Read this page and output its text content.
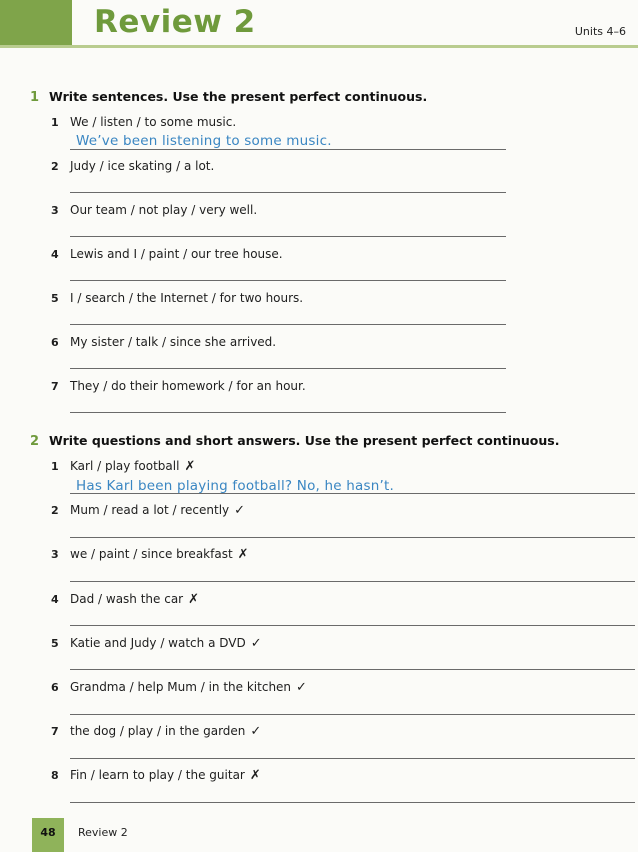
Review 2	Units 4–6
1 Write sentences. Use the present perfect continuous.
1 We / listen / to some music.
We’ve been listening to some music.
2 Judy / ice skating / a lot.
3 Our team / not play / very well.
4 Lewis and I / paint / our tree house.
5 I / search / the Internet / for two hours.
6 My sister / talk / since she arrived.
7 They / do their homework / for an hour.
2 Write questions and short answers. Use the present perfect continuous.
1 Karl / play football ✗
Has Karl been playing football? No, he hasn’t.
2 Mum / read a lot / recently ✓
3 we / paint / since breakfast ✗
4 Dad / wash the car ✗
5 Katie and Judy / watch a DVD ✓
6 Grandma / help Mum / in the kitchen ✓
7 the dog / play / in the garden ✓
8 Fin / learn to play / the guitar ✗
48	Review 2
